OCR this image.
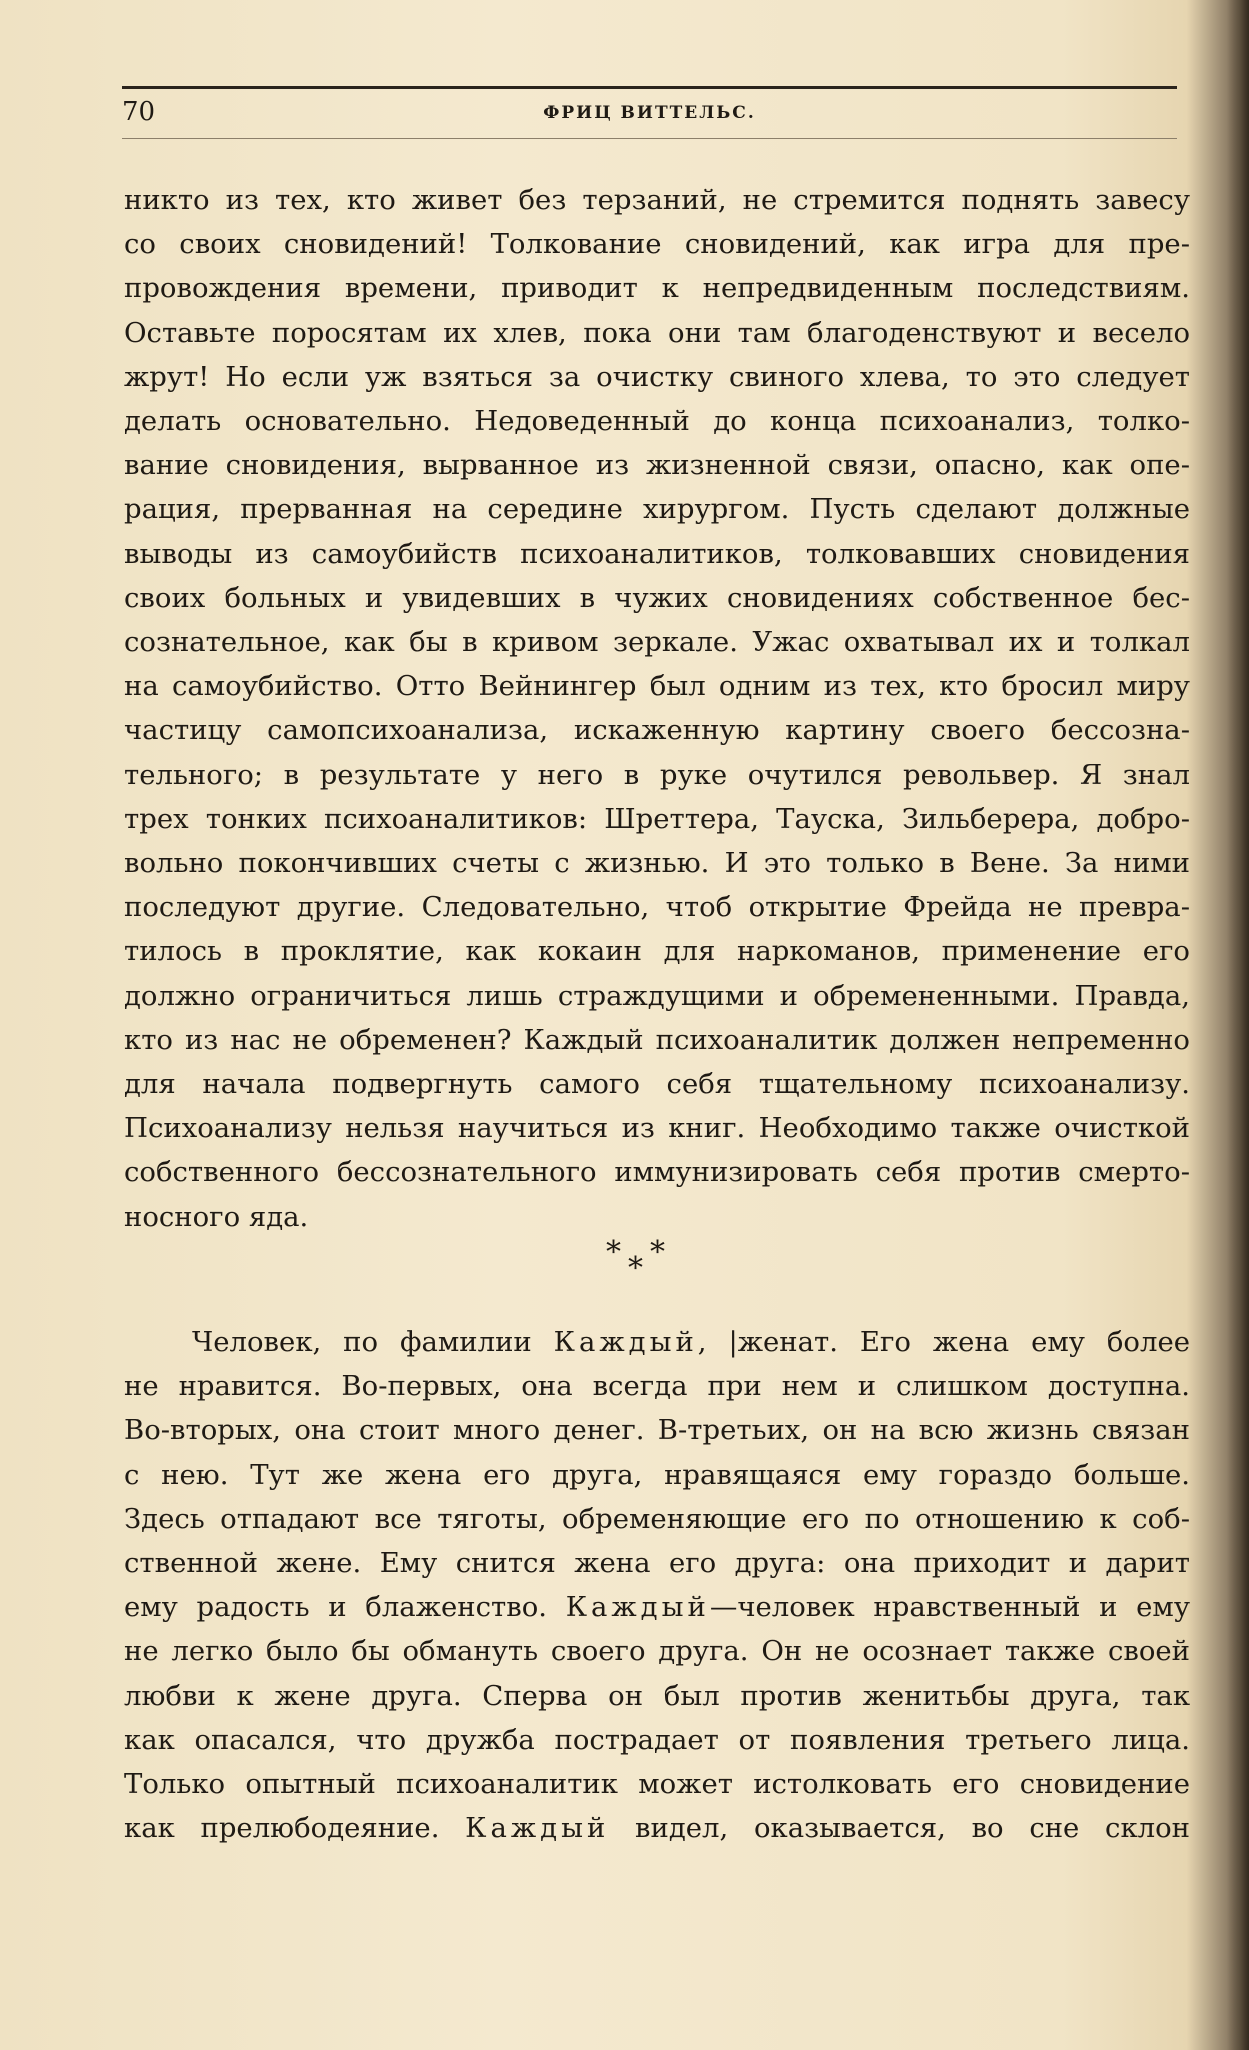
70	ФРИЦ ВИТТЕЛЬС.
никто из тех, кто живет без терзаний, не стремится поднять завесу
со своих сновидений! Толкование сновидений, как игра для пре-
провождения времени, приводит к непредвиденным последствиям.
Оставьте поросятам их хлев, пока они там благоденствуют и весело
жрут! Но если уж взяться за очистку свиного хлева, то это следует
делать основательно. Недоведенный до конца психоанализ, толко-
вание сновидения, вырванное из жизненной связи, опасно, как опе-
рация, прерванная на середине хирургом. Пусть сделают должные
выводы из самоубийств психоаналитиков, толковавших сновидения
своих больных и увидевших в чужих сновидениях собственное бес-
сознательное, как бы в кривом зеркале. Ужас охватывал их и толкал
на самоубийство. Отто Вейнингер был одним из тех, кто бросил миру
частицу самопсихоанализа, искаженную картину своего бессозна-
тельного; в результате у него в руке очутился револьвер. Я знал
трех тонких психоаналитиков: Шреттера, Тауска, Зильберера, добро-
вольно покончивших счеты с жизнью. И это только в Вене. За ними
последуют другие. Следовательно, чтоб открытие Фрейда не превра-
тилось в проклятие, как кокаин для наркоманов, применение его
должно ограничиться лишь страждущими и обремененными. Правда,
кто из нас не обременен? Каждый психоаналитик должен непременно
для начала подвергнуть самого себя тщательному психоанализу.
Психоанализу нельзя научиться из книг. Необходимо также очисткой
собственного бессознательного иммунизировать себя против смерто-
носного яда.
* *
*
Человек, по фамилии Каждый, |женат. Его жена ему более
не нравится. Во-первых, она всегда при нем и слишком доступна.
Во-вторых, она стоит много денег. В-третьих, он на всю жизнь связан
с нею. Тут же жена его друга, нравящаяся ему гораздо больше.
Здесь отпадают все тяготы, обременяющие его по отношению к соб-
ственной жене. Ему снится жена его друга: она приходит и дарит
ему радость и блаженство. Каждый—человек нравственный и ему
не легко было бы обмануть своего друга. Он не осознает также своей
любви к жене друга. Сперва он был против женитьбы друга, так
как опасался, что дружба пострадает от появления третьего лица.
Только опытный психоаналитик может истолковать его сновидение
как прелюбодеяние. Каждый видел, оказывается, во сне склон
